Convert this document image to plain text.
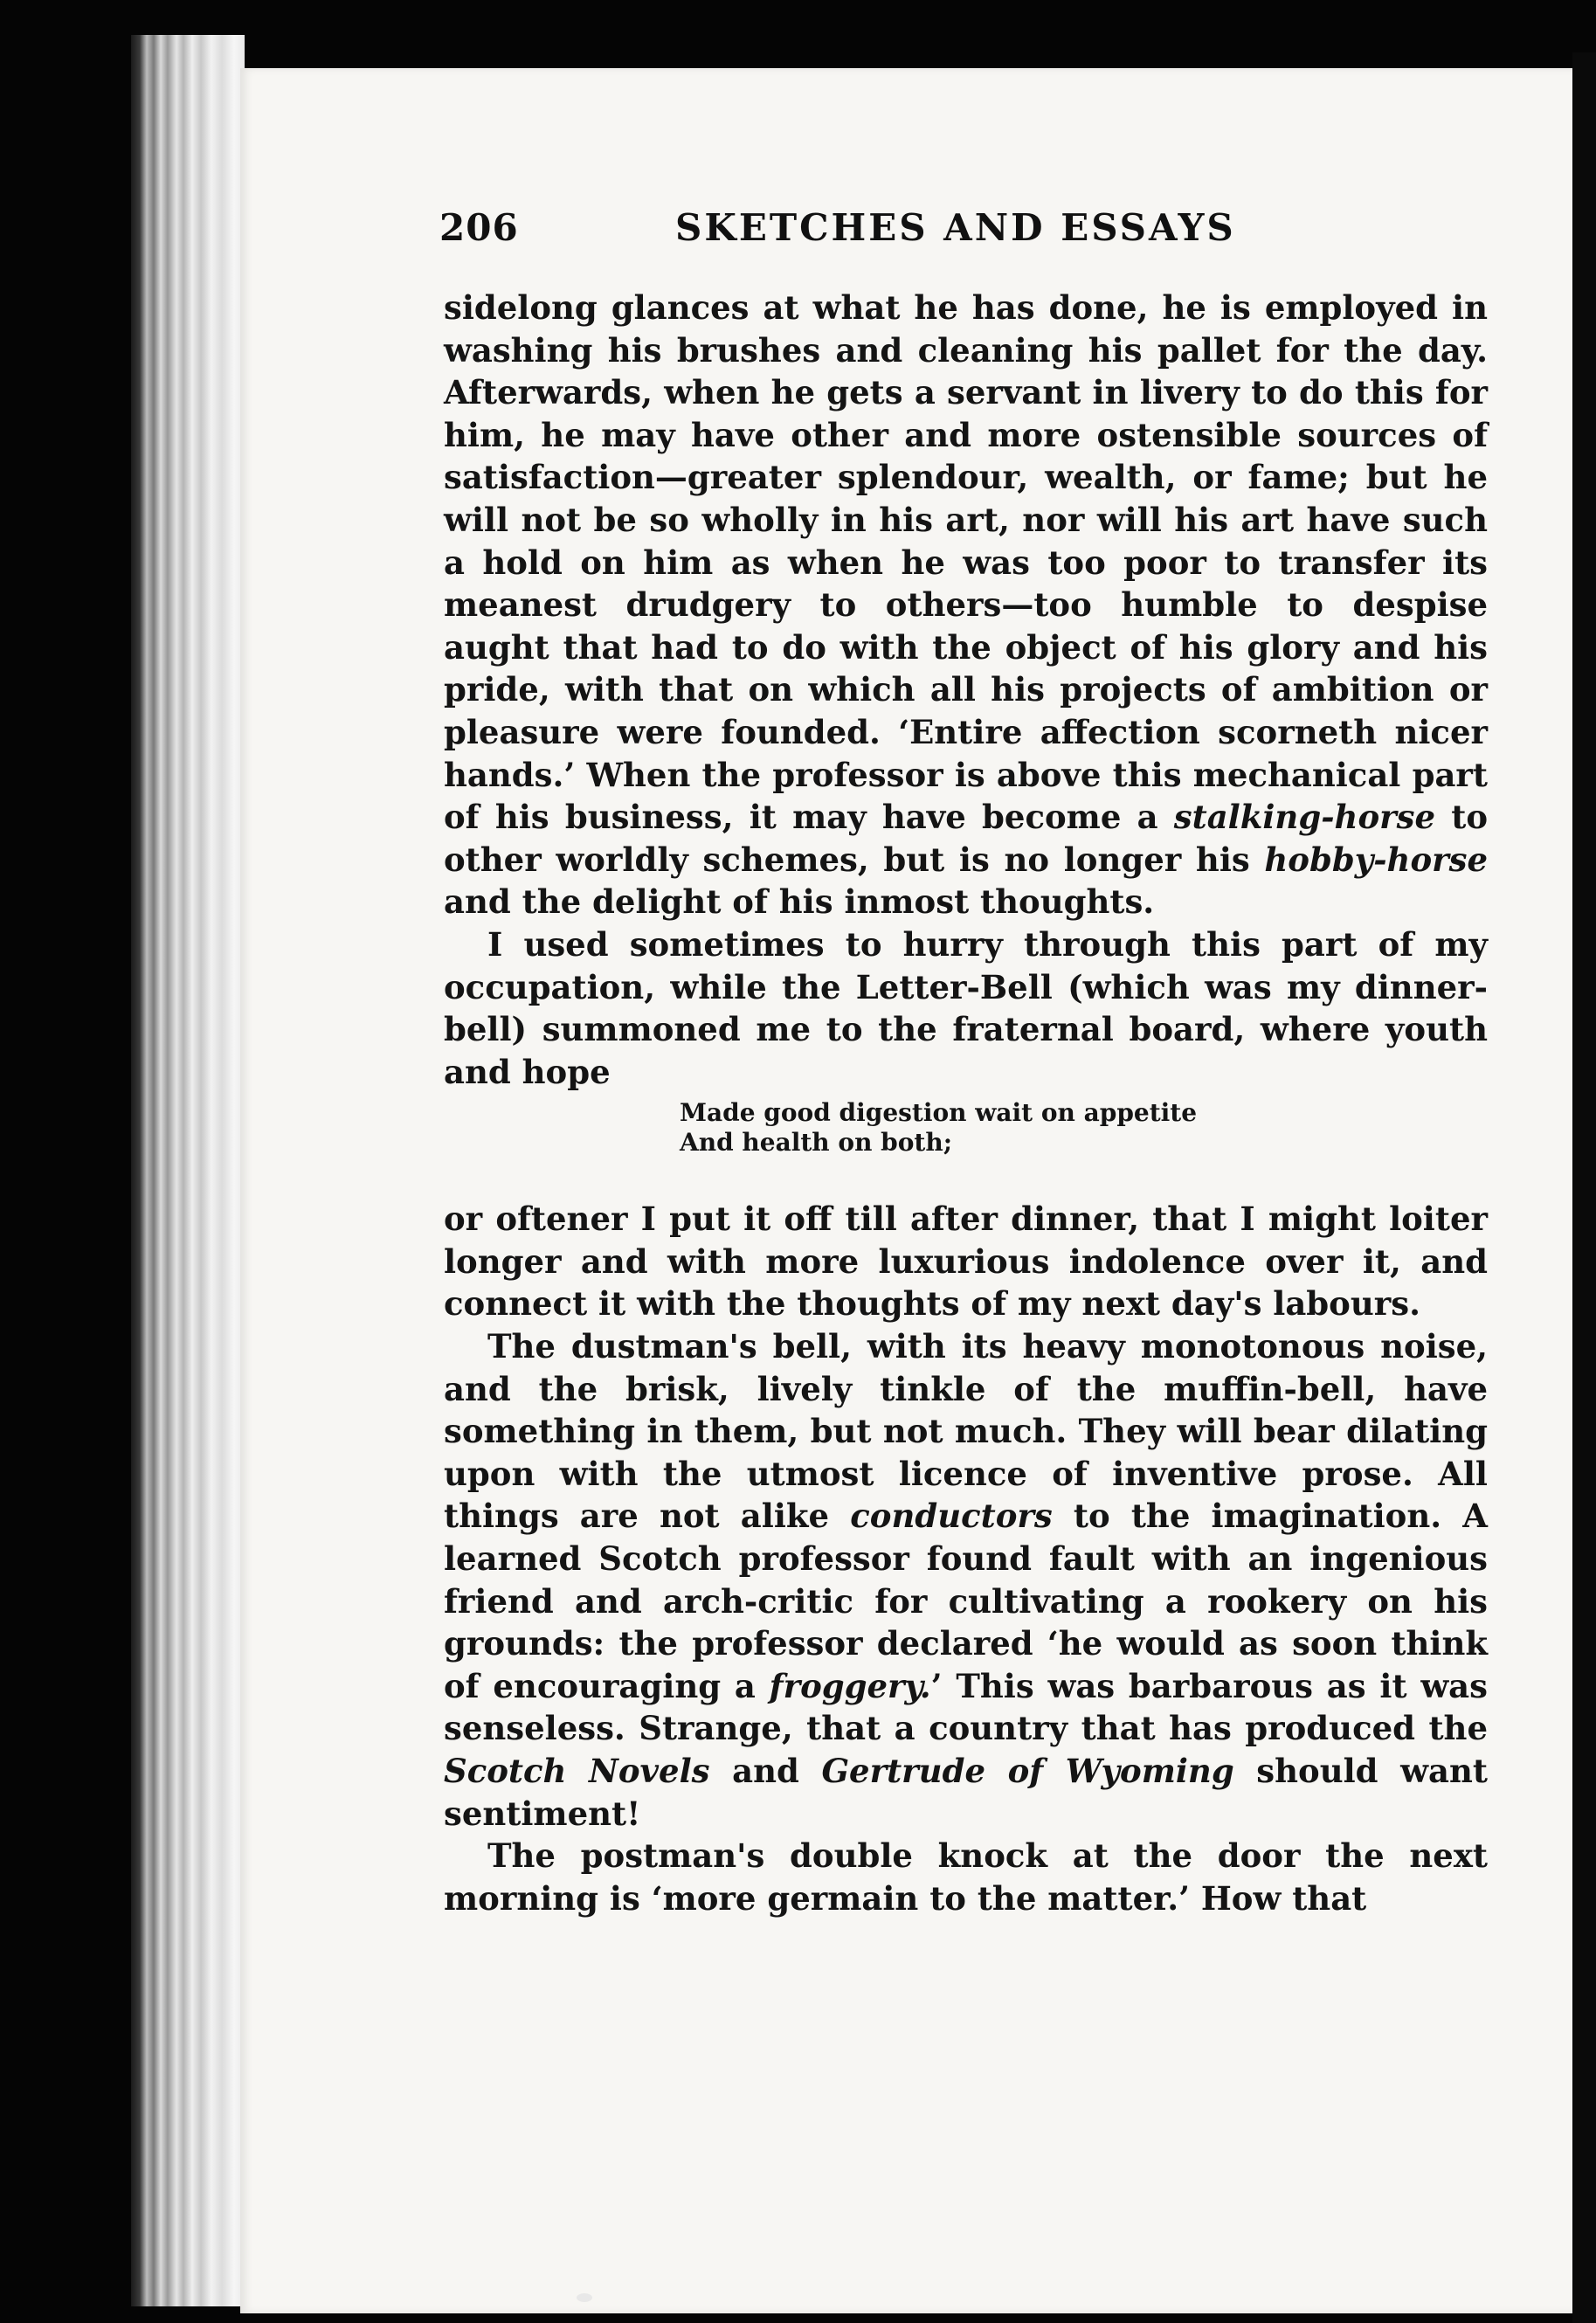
206	SKETCHES AND ESSAYS

sidelong glances at what he has done, he is employed in washing his brushes and cleaning his pallet for the day. Afterwards, when he gets a servant in livery to do this for him, he may have other and more ostensible sources of satisfaction—greater splendour, wealth, or fame; but he will not be so wholly in his art, nor will his art have such a hold on him as when he was too poor to transfer its meanest drudgery to others—too humble to despise aught that had to do with the object of his glory and his pride, with that on which all his projects of ambition or pleasure were founded. ‘Entire affection scorneth nicer hands.’ When the professor is above this mechanical part of his business, it may have become a stalking-horse to other worldly schemes, but is no longer his hobby-horse and the delight of his inmost thoughts.

I used sometimes to hurry through this part of my occupation, while the Letter-Bell (which was my dinner-bell) summoned me to the fraternal board, where youth and hope

Made good digestion wait on appetite
And health on both;

or oftener I put it off till after dinner, that I might loiter longer and with more luxurious indolence over it, and connect it with the thoughts of my next day's labours.

The dustman's bell, with its heavy monotonous noise, and the brisk, lively tinkle of the muffin-bell, have something in them, but not much. They will bear dilating upon with the utmost licence of inventive prose. All things are not alike conductors to the imagination. A learned Scotch professor found fault with an ingenious friend and arch-critic for cultivating a rookery on his grounds: the professor declared ‘he would as soon think of encouraging a froggery.’ This was barbarous as it was senseless. Strange, that a country that has produced the Scotch Novels and Gertrude of Wyoming should want sentiment!

The postman's double knock at the door the next morning is ‘more germain to the matter.’ How that
